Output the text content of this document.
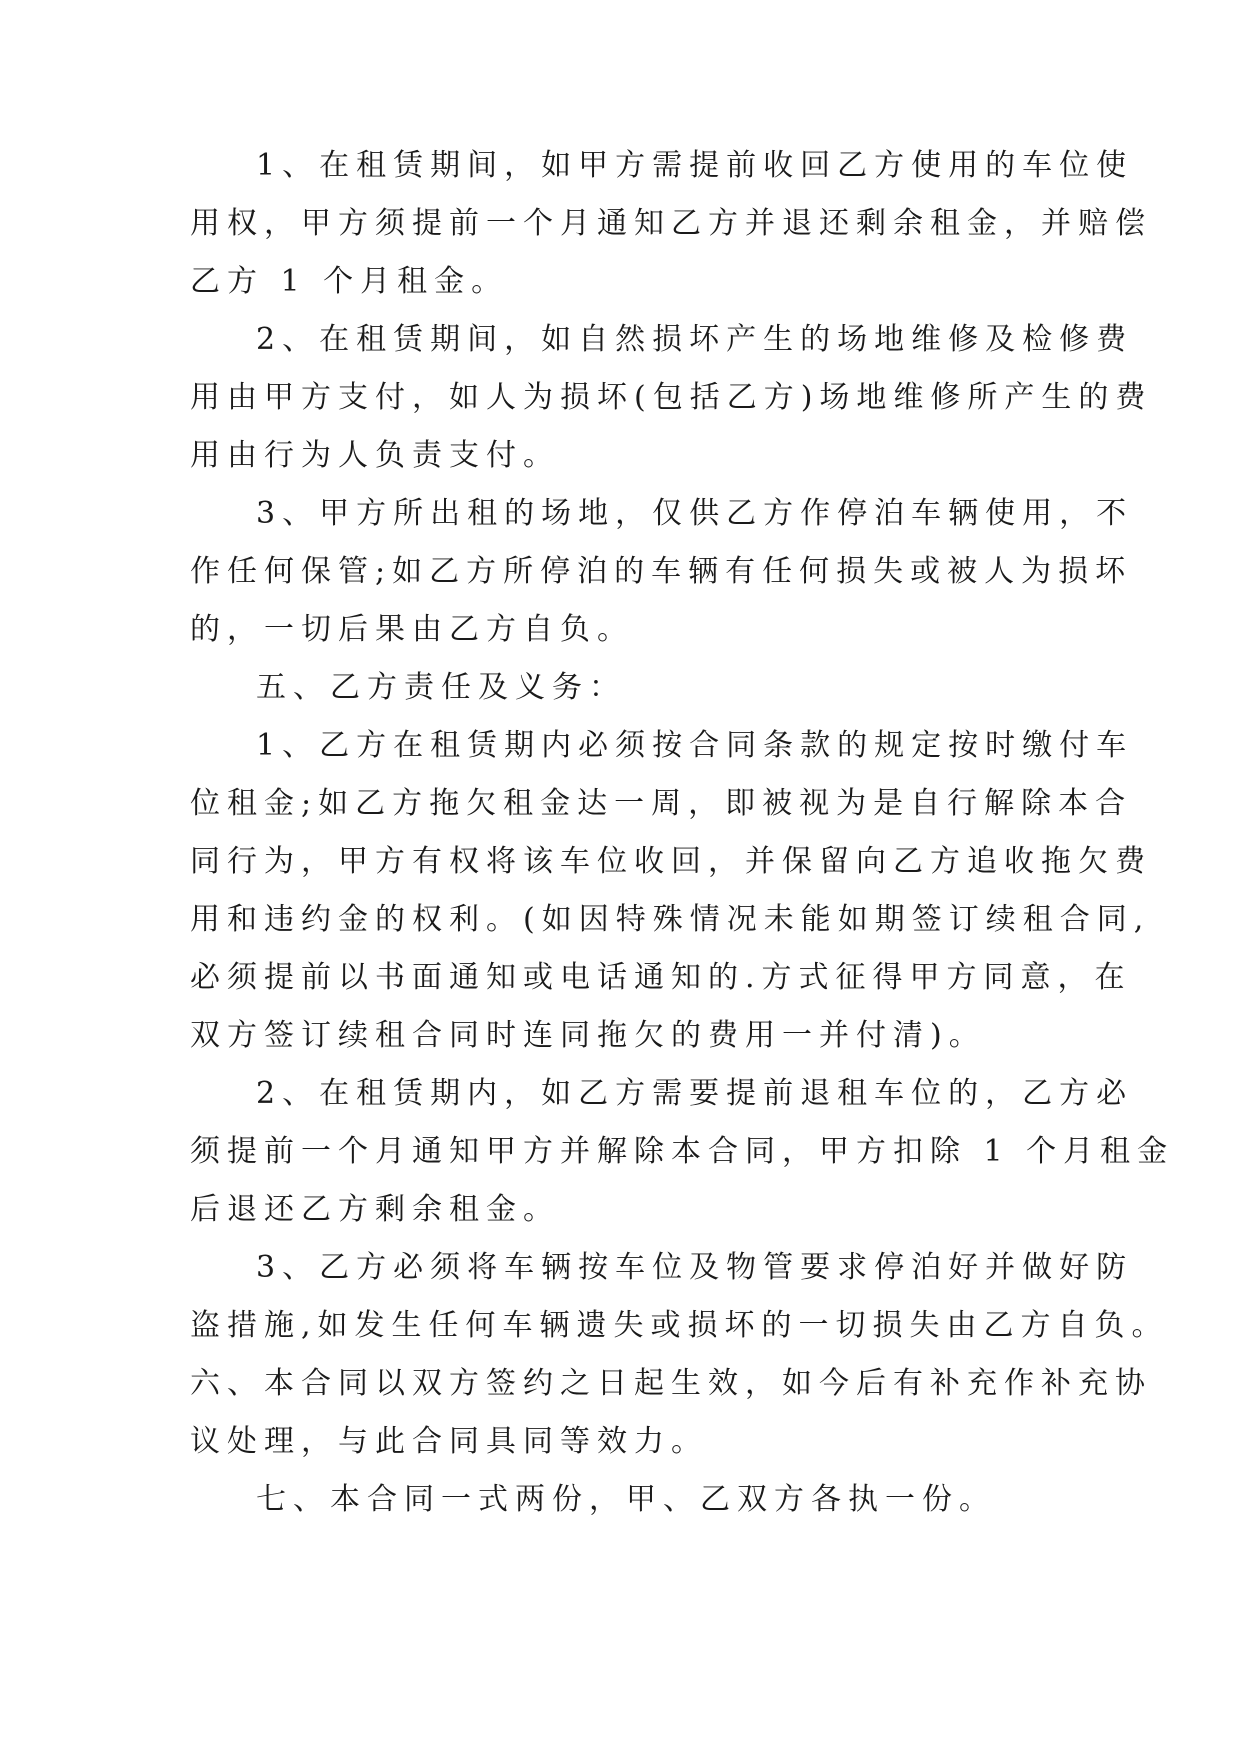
1、在租赁期间，如甲方需提前收回乙方使用的车位使
用权，甲方须提前一个月通知乙方并退还剩余租金，并赔偿
乙方 1 个月租金。
2、在租赁期间，如自然损坏产生的场地维修及检修费
用由甲方支付，如人为损坏(包括乙方)场地维修所产生的费
用由行为人负责支付。
3、甲方所出租的场地，仅供乙方作停泊车辆使用，不
作任何保管;如乙方所停泊的车辆有任何损失或被人为损坏
的，一切后果由乙方自负。
五、乙方责任及义务：
1、乙方在租赁期内必须按合同条款的规定按时缴付车
位租金;如乙方拖欠租金达一周，即被视为是自行解除本合
同行为，甲方有权将该车位收回，并保留向乙方追收拖欠费
用和违约金的权利。(如因特殊情况未能如期签订续租合同,
必须提前以书面通知或电话通知的.方式征得甲方同意，在
双方签订续租合同时连同拖欠的费用一并付清)。
2、在租赁期内，如乙方需要提前退租车位的，乙方必
须提前一个月通知甲方并解除本合同，甲方扣除 1 个月租金
后退还乙方剩余租金。
3、乙方必须将车辆按车位及物管要求停泊好并做好防
盗措施,如发生任何车辆遗失或损坏的一切损失由乙方自负。
六、本合同以双方签约之日起生效，如今后有补充作补充协
议处理，与此合同具同等效力。
七、本合同一式两份，甲、乙双方各执一份。
